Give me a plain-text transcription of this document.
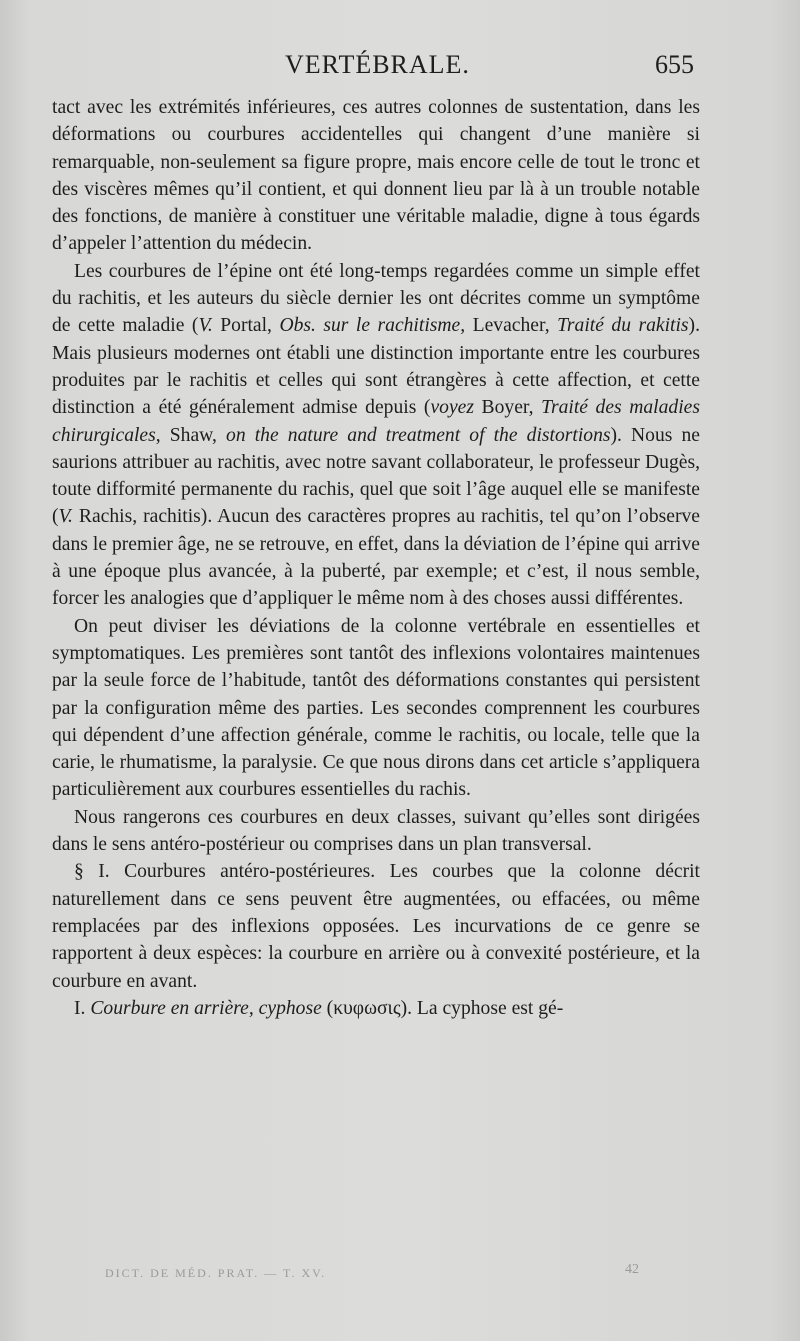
VERTÉBRALE.	655

tact avec les extrémités inférieures, ces autres colonnes de sustentation, dans les déformations ou courbures accidentelles qui changent d’une manière si remarquable, non-seulement sa figure propre, mais encore celle de tout le tronc et des viscères mêmes qu’il contient, et qui donnent lieu par là à un trouble notable des fonctions, de manière à constituer une véritable maladie, digne à tous égards d’appeler l’attention du médecin.

Les courbures de l’épine ont été long-temps regardées comme un simple effet du rachitis, et les auteurs du siècle dernier les ont décrites comme un symptôme de cette maladie (V. Portal, Obs. sur le rachitisme, Levacher, Traité du rakitis). Mais plusieurs modernes ont établi une distinction importante entre les courbures produites par le rachitis et celles qui sont étrangères à cette affection, et cette distinction a été généralement admise depuis (voyez Boyer, Traité des maladies chirurgicales, Shaw, on the nature and treatment of the distortions). Nous ne saurions attribuer au rachitis, avec notre savant collaborateur, le professeur Dugès, toute difformité permanente du rachis, quel que soit l’âge auquel elle se manifeste (V. Rachis, rachitis). Aucun des caractères propres au rachitis, tel qu’on l’observe dans le premier âge, ne se retrouve, en effet, dans la déviation de l’épine qui arrive à une époque plus avancée, à la puberté, par exemple; et c’est, il nous semble, forcer les analogies que d’appliquer le même nom à des choses aussi différentes.

On peut diviser les déviations de la colonne vertébrale en essentielles et symptomatiques. Les premières sont tantôt des inflexions volontaires maintenues par la seule force de l’habitude, tantôt des déformations constantes qui persistent par la configuration même des parties. Les secondes comprennent les courbures qui dépendent d’une affection générale, comme le rachitis, ou locale, telle que la carie, le rhumatisme, la paralysie. Ce que nous dirons dans cet article s’appliquera particulièrement aux courbures essentielles du rachis.

Nous rangerons ces courbures en deux classes, suivant qu’elles sont dirigées dans le sens antéro-postérieur ou comprises dans un plan transversal.

§ I. Courbures antéro-postérieures. Les courbes que la colonne décrit naturellement dans ce sens peuvent être augmentées, ou effacées, ou même remplacées par des inflexions opposées. Les incurvations de ce genre se rapportent à deux espèces: la courbure en arrière ou à convexité postérieure, et la courbure en avant.

I. Courbure en arrière, cyphose (κυφωσις). La cyphose est gé-

DICT. DE MÉD. PRAT. — T. XV.	42
